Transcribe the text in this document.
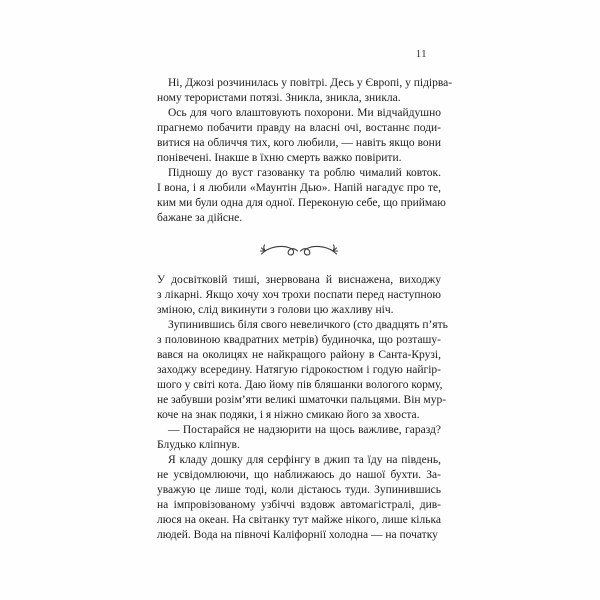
11
Ні, Джозі розчинилась у повітрі. Десь у Європі, у підірва-
ному терористами потязі. Зникла, зникла, зникла.
Ось для чого влаштовують похорони. Ми відчайдушно
прагнемо побачити правду на власні очі, востаннє поди-
витися на обличчя тих, кого любили, — навіть якщо вони
понівечені. Інакше в їхню смерть важко повірити.
Підношу до вуст газованку та роблю чималий ковток.
І вона, і я любили «Маунтін Дью». Напій нагадує про те,
ким ми були одна для одної. Переконую себе, що приймаю
бажане за дійсне.
У досвітковій тиші, знервована й виснажена, виходжу
з лікарні. Якщо хочу хоч трохи поспати перед наступною
зміною, слід викинути з голови цю жахливу ніч.
Зупинившись біля свого невеличкого (сто двадцять п’ять
з половиною квадратних метрів) будиночка, що розташу-
вався на околицях не найкращого району в Санта-Крузі,
заходжу всередину. Натягую гідрокостюм і годую найгір-
шого у світі кота. Даю йому пів бляшанки вологого корму,
не забувши розім’яти великі шматочки пальцями. Він мур-
коче на знак подяки, і я ніжно смикаю його за хвоста.
— Постарайся не надзюрити на щось важливе, гаразд?
Блудько кліпнув.
Я кладу дошку для серфінгу в джип та їду на південь,
не усвідомлюючи, що наближаюсь до нашої бухти. За-
уважую це лише тоді, коли дістаюсь туди. Зупинившись
на імпровізованому узбіччі вздовж автомагістралі, див-
люся на океан. На світанку тут майже нікого, лише кілька
людей. Вода на півночі Каліфорнії холодна — на початку
